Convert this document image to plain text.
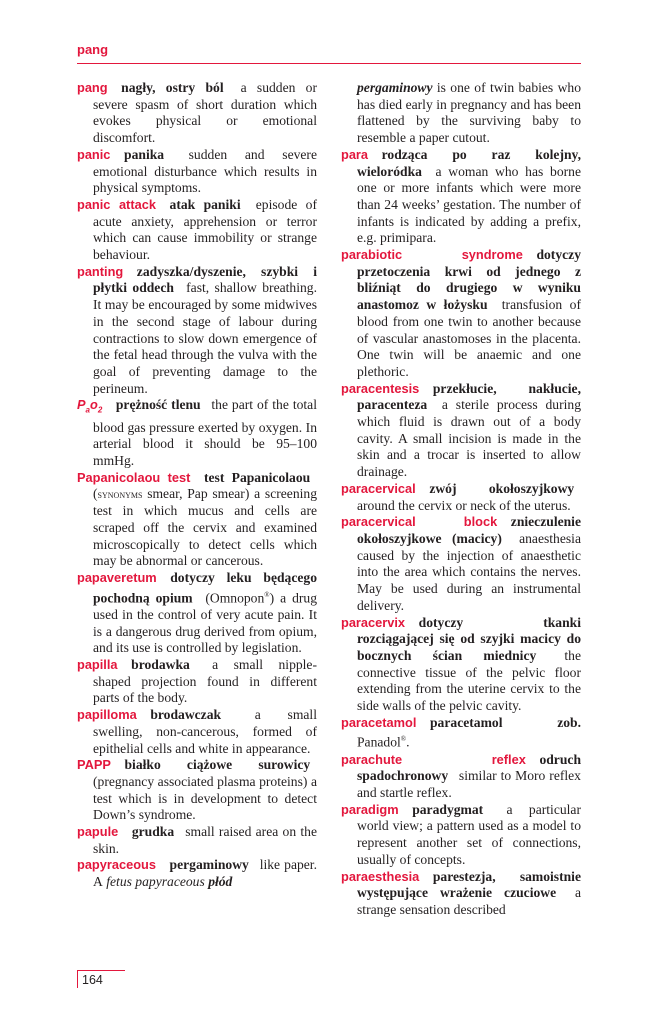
pang

pang  nagły, ostry ból  a sudden or severe spasm of short duration which evokes physical or emotional discomfort.

panic  panika  sudden and severe emotional disturbance which results in physical symptoms.

panic attack  atak paniki  episode of acute anxiety, apprehension or terror which can cause immobility or strange behaviour.

panting  zadyszka/dyszenie, szybki i płytki oddech  fast, shallow breathing. It may be encouraged by some midwives in the second stage of labour during contractions to slow down emergence of the fetal head through the vulva with the goal of preventing damage to the perineum.

$P_ao_2$  prężność tlenu  the part of the total blood gas pressure exerted by oxygen. In arterial blood it should be 95–100 mmHg.

Papanicolaou test  test Papanicolaou  (synonyms smear, Pap smear) a screening test in which mucus and cells are scraped off the cervix and examined microscopically to detect cells which may be abnormal or cancerous.

papaveretum  dotyczy leku będącego pochodną opium  (Omnopon®) a drug used in the control of very acute pain. It is a dangerous drug derived from opium, and its use is controlled by legislation.

papilla  brodawka  a small nipple-shaped projection found in different parts of the body.

papilloma  brodawczak  a small swelling, non-cancerous, formed of epithelial cells and white in appearance.

PAPP  białko ciążowe surowicy  (pregnancy associated plasma proteins) a test which is in development to detect Down’s syndrome.

papule  grudka  small raised area on the skin.

papyraceous  pergaminowy  like paper. A fetus papyraceous płód

pergaminowy is one of twin babies who has died early in pregnancy and has been flattened by the surviving baby to resemble a paper cutout.

para  rodząca po raz kolejny, wieloródka  a woman who has borne one or more infants which were more than 24 weeks’ gestation. The number of infants is indicated by adding a prefix, e.g. primipara.

parabiotic syndrome  dotyczy przetoczenia krwi od jednego z bliźniąt do drugiego w wyniku anastomoz w łożysku  transfusion of blood from one twin to another because of vascular anastomoses in the placenta. One twin will be anaemic and one plethoric.

paracentesis  przekłucie, nakłucie, paracenteza  a sterile process during which fluid is drawn out of a body cavity. A small incision is made in the skin and a trocar is inserted to allow drainage.

paracervical  zwój okołoszyjkowy  around the cervix or neck of the uterus.

paracervical block  znieczulenie okołoszyjkowe (macicy)  anaesthesia caused by the injection of anaesthetic into the area which contains the nerves. May be used during an instrumental delivery.

paracervix  dotyczy tkanki rozciągającej się od szyjki macicy do bocznych ścian miednicy  the connective tissue of the pelvic floor extending from the uterine cervix to the side walls of the pelvic cavity.

paracetamol  paracetamol zob. Panadol®.

parachute reflex  odruch spadochronowy  similar to Moro reflex and startle reflex.

paradigm  paradygmat  a particular world view; a pattern used as a model to represent another set of connections, usually of concepts.

paraesthesia  parestezja, samoistnie występujące wrażenie czuciowe  a strange sensation described

164
